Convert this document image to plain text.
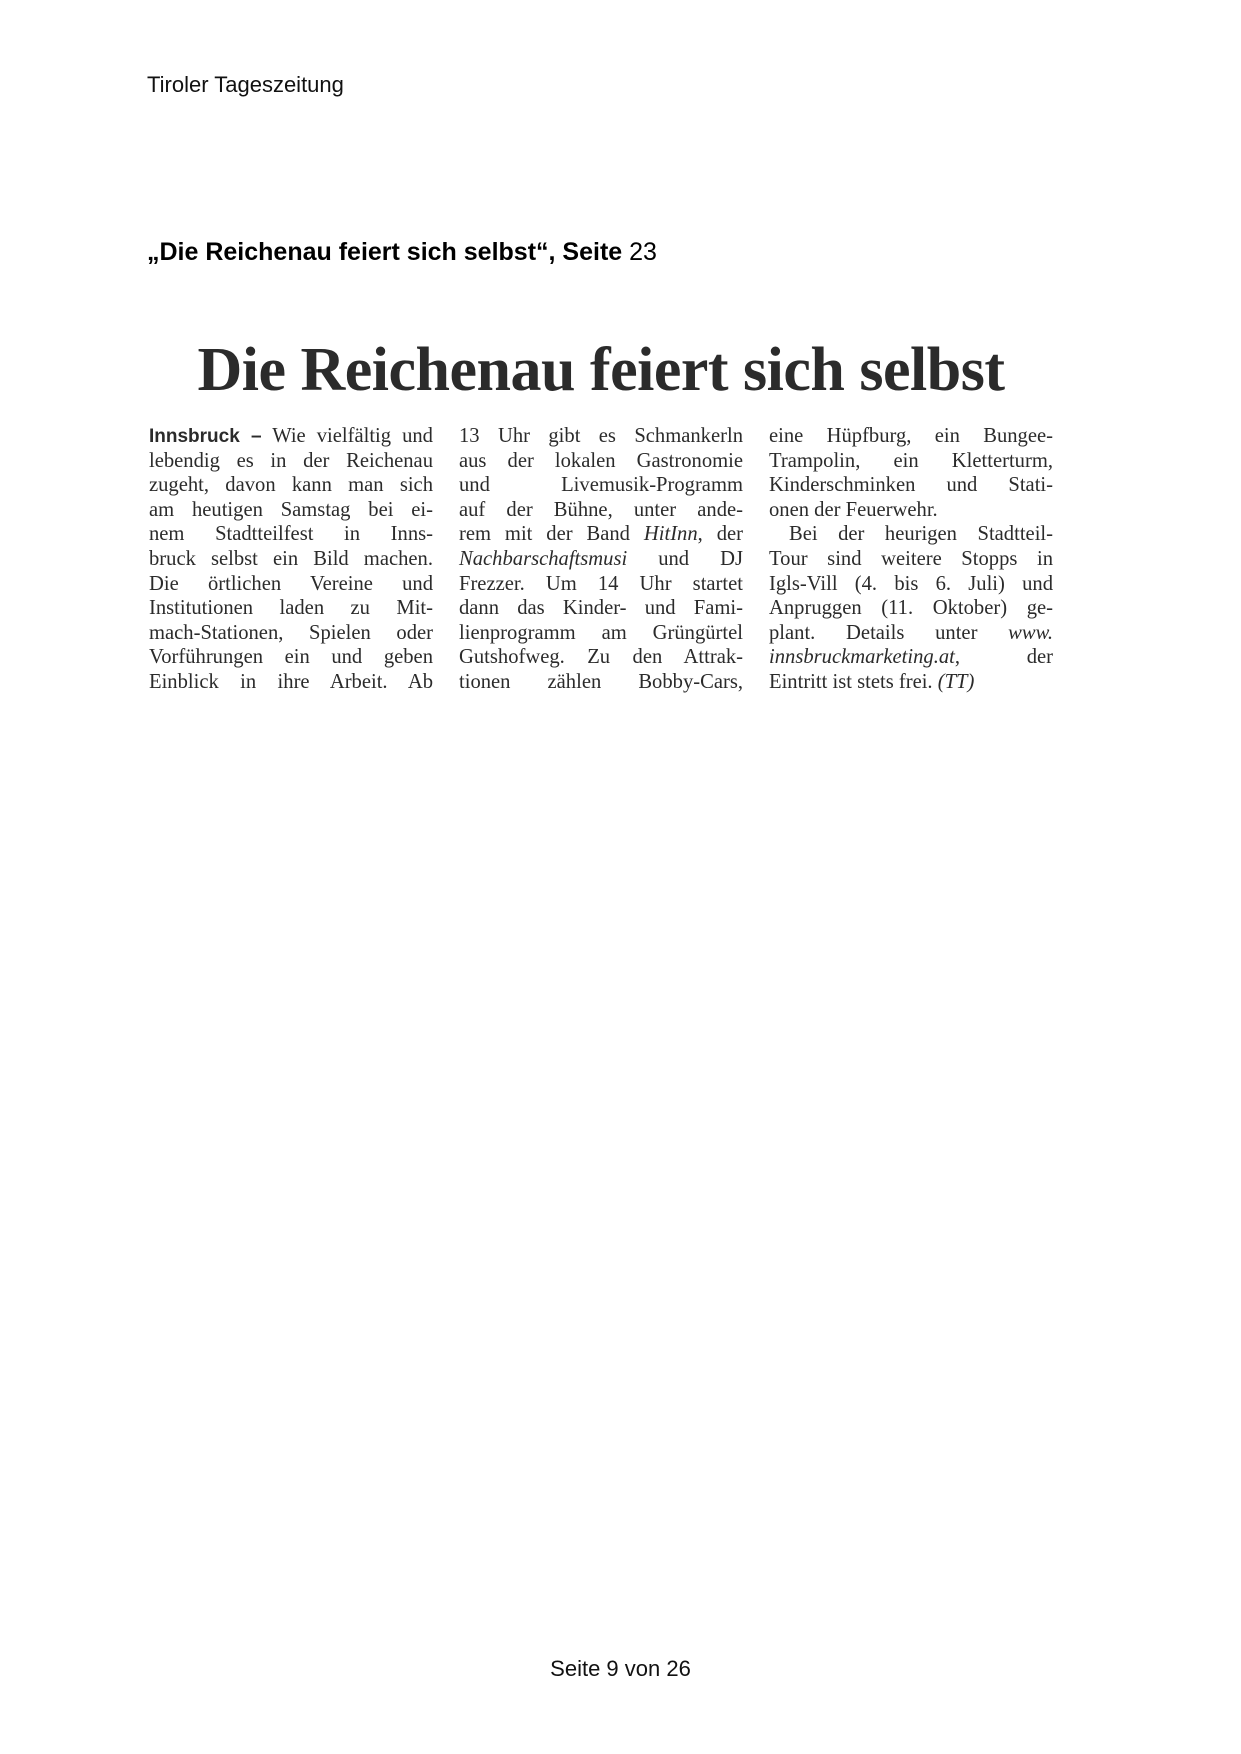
Tiroler Tageszeitung
„Die Reichenau feiert sich selbst“, Seite 23
Die Reichenau feiert sich selbst
Innsbruck – Wie vielfältig und
lebendig es in der Reichenau
zugeht, davon kann man sich
am heutigen Samstag bei ei-
nem Stadtteilfest in Inns-
bruck selbst ein Bild machen.
Die örtlichen Vereine und
Institutionen laden zu Mit-
mach-Stationen, Spielen oder
Vorführungen ein und geben
Einblick in ihre Arbeit. Ab
13 Uhr gibt es Schmankerln
aus der lokalen Gastronomie
und Livemusik-Programm
auf der Bühne, unter ande-
rem mit der Band HitInn, der
Nachbarschaftsmusi und DJ
Frezzer. Um 14 Uhr startet
dann das Kinder- und Fami-
lienprogramm am Grüngürtel
Gutshofweg. Zu den Attrak-
tionen zählen Bobby-Cars,
eine Hüpfburg, ein Bungee-
Trampolin, ein Kletterturm,
Kinderschminken und Stati-
onen der Feuerwehr.
Bei der heurigen Stadtteil-
Tour sind weitere Stopps in
Igls-Vill (4. bis 6. Juli) und
Anpruggen (11. Oktober) ge-
plant. Details unter www.
innsbruckmarketing.at, der
Eintritt ist stets frei. (TT)
Seite 9 von 26
